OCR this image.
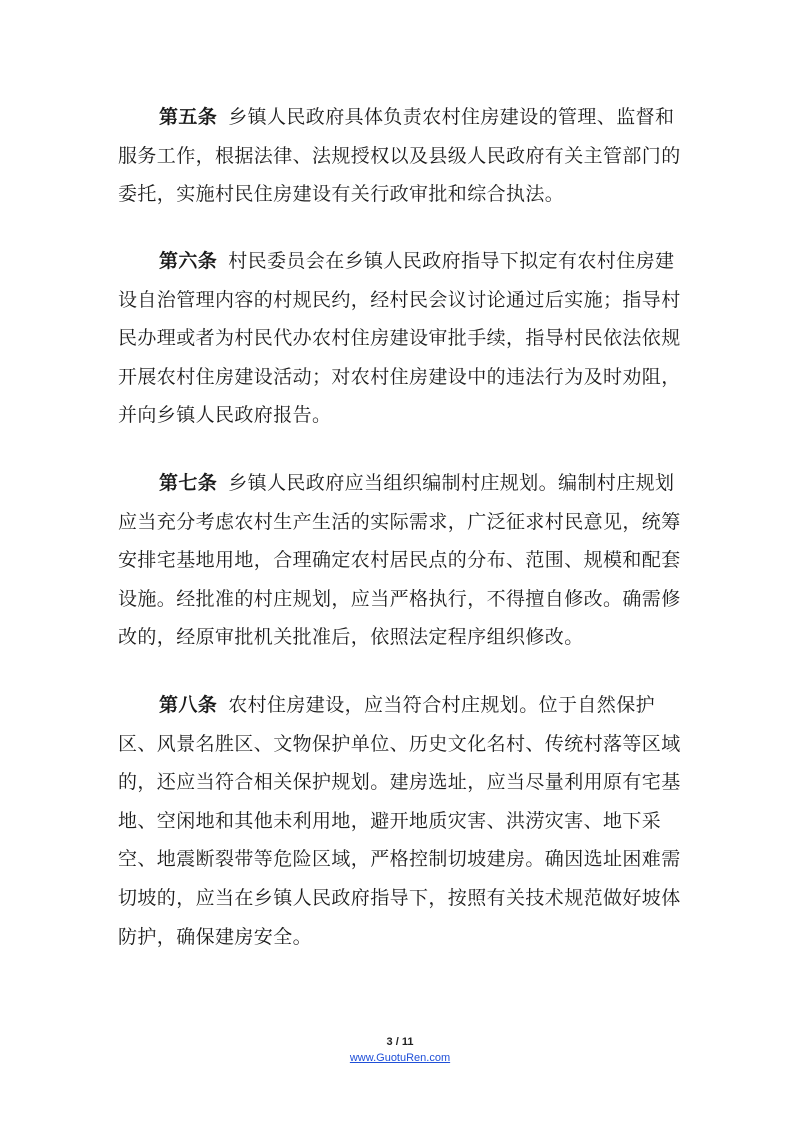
第五条 乡镇人民政府具体负责农村住房建设的管理、监督和服务工作，根据法律、法规授权以及县级人民政府有关主管部门的委托，实施村民住房建设有关行政审批和综合执法。

第六条 村民委员会在乡镇人民政府指导下拟定有农村住房建设自治管理内容的村规民约，经村民会议讨论通过后实施；指导村民办理或者为村民代办农村住房建设审批手续，指导村民依法依规开展农村住房建设活动；对农村住房建设中的违法行为及时劝阻，并向乡镇人民政府报告。

第七条 乡镇人民政府应当组织编制村庄规划。编制村庄规划应当充分考虑农村生产生活的实际需求，广泛征求村民意见，统筹安排宅基地用地，合理确定农村居民点的分布、范围、规模和配套设施。经批准的村庄规划，应当严格执行，不得擅自修改。确需修改的，经原审批机关批准后，依照法定程序组织修改。

第八条 农村住房建设，应当符合村庄规划。位于自然保护区、风景名胜区、文物保护单位、历史文化名村、传统村落等区域的，还应当符合相关保护规划。建房选址，应当尽量利用原有宅基地、空闲地和其他未利用地，避开地质灾害、洪涝灾害、地下采空、地震断裂带等危险区域，严格控制切坡建房。确因选址困难需切坡的，应当在乡镇人民政府指导下，按照有关技术规范做好坡体防护，确保建房安全。

3 / 11
www.GuotuRen.com
